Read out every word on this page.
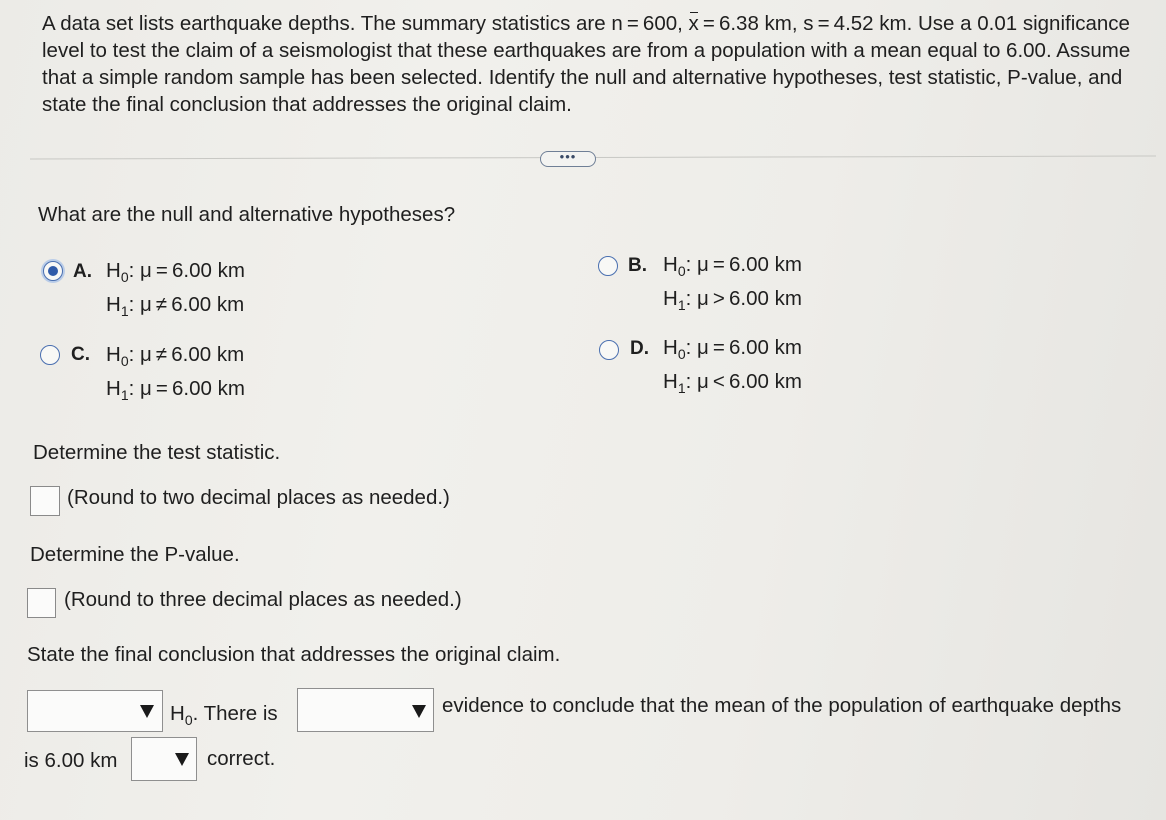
A data set lists earthquake depths. The summary statistics are n = 600, x = 6.38 km, s = 4.52 km. Use a 0.01 significance
level to test the claim of a seismologist that these earthquakes are from a population with a mean equal to 6.00. Assume
that a simple random sample has been selected. Identify the null and alternative hypotheses, test statistic, P-value, and
state the final conclusion that addresses the original claim.

•••

What are the null and alternative hypotheses?

A. $H_0$: μ = 6.00 km
$H_1$: μ ≠ 6.00 km
B. $H_0$: μ = 6.00 km
$H_1$: μ > 6.00 km
C. $H_0$: μ ≠ 6.00 km
$H_1$: μ = 6.00 km
D. $H_0$: μ = 6.00 km
$H_1$: μ < 6.00 km

Determine the test statistic.

(Round to two decimal places as needed.)

Determine the P-value.

(Round to three decimal places as needed.)

State the final conclusion that addresses the original claim.

$H_0$. There is	evidence to conclude that the mean of the population of earthquake depths
is 6.00 km	correct.
